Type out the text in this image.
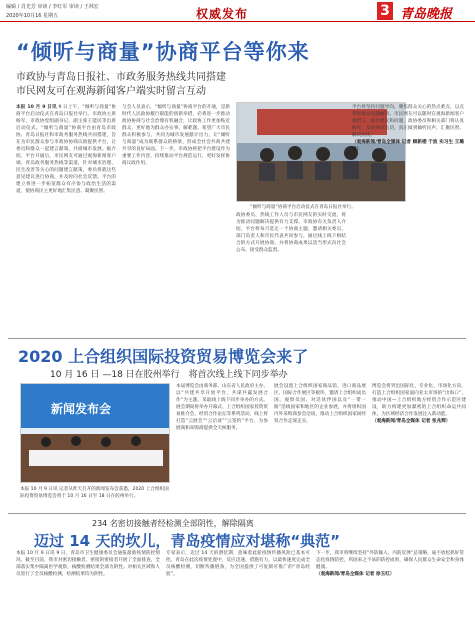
编辑 / 肖光芳 审读 / 李红军 审读 / 王林宏
2020年10月16 星期五	权威发布	3 青岛晚报
“倾听与商量”协商平台等你来
市政协与青岛日报社、市政务服务热线共同搭建
市民网友可在观海新闻客户端实时留言互动
本报 10 月 9 日讯 9 日上午，“倾听与商量”协商平台启动仪式在青岛日报社举行。市政协主席杨军，市政协党组副书记、副主席王能民等出席启动仪式。“倾听与商量”协商平台由青岛市政协、青岛日报社和市政务服务热线共同搭建，旨在为市民群众参与市政协协商议政提供平台，让委员和群众一起建言献策、共商城市发展。据介绍，平台开通后，市民网友可通过观海新闻客户端、青岛政务服务热线等渠道，针对城市治理、民生改善等关心的问题建言献策，委员将就这些意见建议进行协商，并及时向社会反馈。平台的建立将进一步拓宽群众有序参与政治生活的渠道，使协商民主更好地汇集民意、凝聚民智。
与会人员表示，“倾听与商量”协商平台的开通，是新时代人民政协履行职能的创新举措，必将进一步推动政协协商与社会治理有机融合，让政协工作更加贴近群众，更好地为群众办实事、解难题。希望广大市民群众积极参与，共同为城市发展献计出力，让“倾听与商量”成为联系群众的桥梁，形成全社会共商共建共享的良好局面。下一步，市政协将把平台建设作为重要工作内容，持续推动平台规范运行，更好发挥协商议政作用。
“倾听与商量”协商平台启动仪式在青岛日报社举行。
政协委员、热线工作人员与市民网友的实时交流，将为推动问题解决提供有力支撑。市政协有关负责人介绍，平台将每月选定一个协商主题，邀请相关委员、部门负责人和市民代表共同参与，通过线上线下相结合的方式开展协商，并将协商成果以适当形式向社会公布，接受群众监督。
平台将坚持问题导向，聚焦群众关心的热点难点，以点带面推动问题解决。市民网友可以随时在观海新闻客户端留言，提出建议和问题，政协委员和相关部门将认真研究，及时回应关切，真正做到倾听民声、汇聚民智、解决民忧。
（观海新闻/青岛全媒体 记者 顾新楼 于波 实习生 王璐晗）
2020 上合组织国际投资贸易博览会来了
10 月 16 日 —18 日在胶州举行　将首次线上线下同步举办
新闻发布会
本报 10 月 9 日讯 记者从昨天召开的新闻发布会获悉，2020 上合组织国际投资贸易博览会将于 10 月 16 日至 18 日在胶州举行。
本届博览会由商务部、山东省人民政府主办，以“共建共享开放平台、共谋共赢发展合作”为主题，采取线上线下同步举办的方式。展会期间将举办开幕式、上合组织国家投资贸易推介会、经贸合作论坛等系列活动，线上将打造“云展会”“云洽谈”“云签约”平台，为参展商和采购商提供全天候服务。
展会设置上合组织国家商品馆、进口商品展区、国际合作展区等板块，邀请上合组织成员国、观察员国、对话伙伴国以及“一带一路”沿线国家和地区的企业参展，并将组织国内外采购商参会洽谈，推动上合组织国家间经贸合作走深走实。
博览会将突出国际化、专业化、市场化方向，打造上合组织国家面向亚太市场的“出海口”，推动中国—上合组织地方经贸合作示范区建设，助力构建更加紧密的上合组织命运共同体，为区域经济合作发展注入新动能。
（观海新闻/青岛全媒体 记者 张兆辉）
234 名密切接触者经检测全部阴性，解除隔离
迈过 14 天的坎儿，青岛疫情应对堪称“典范”
本报 10 月 9 日讯 9 日，青岛市卫生健康委员会通报最新疫情防控情况。截至目前，我市对密切接触者、密接的密接者开展了全面排查，全部落实集中隔离医学观察，核酸检测结果全部为阴性。对相关区域和人员进行了全员核酸检测，检测结果均为阴性。
专家表示，迈过 14 天的潜伏期，意味着此轮疫情传播风险已基本可控。青岛在此次疫情处置中，反应迅速、措施有力，以最快速度完成全员核酸检测，切断传播链条，为全国提供了可复制可推广的“青岛经验”。
下一步，我市将继续坚持“外防输入、内防反弹”总策略，毫不放松抓好常态化疫情防控，巩固来之不易的防控成果，确保人民群众生命安全和身体健康。
（观海新闻/青岛全媒体 记者 徐玉红）
